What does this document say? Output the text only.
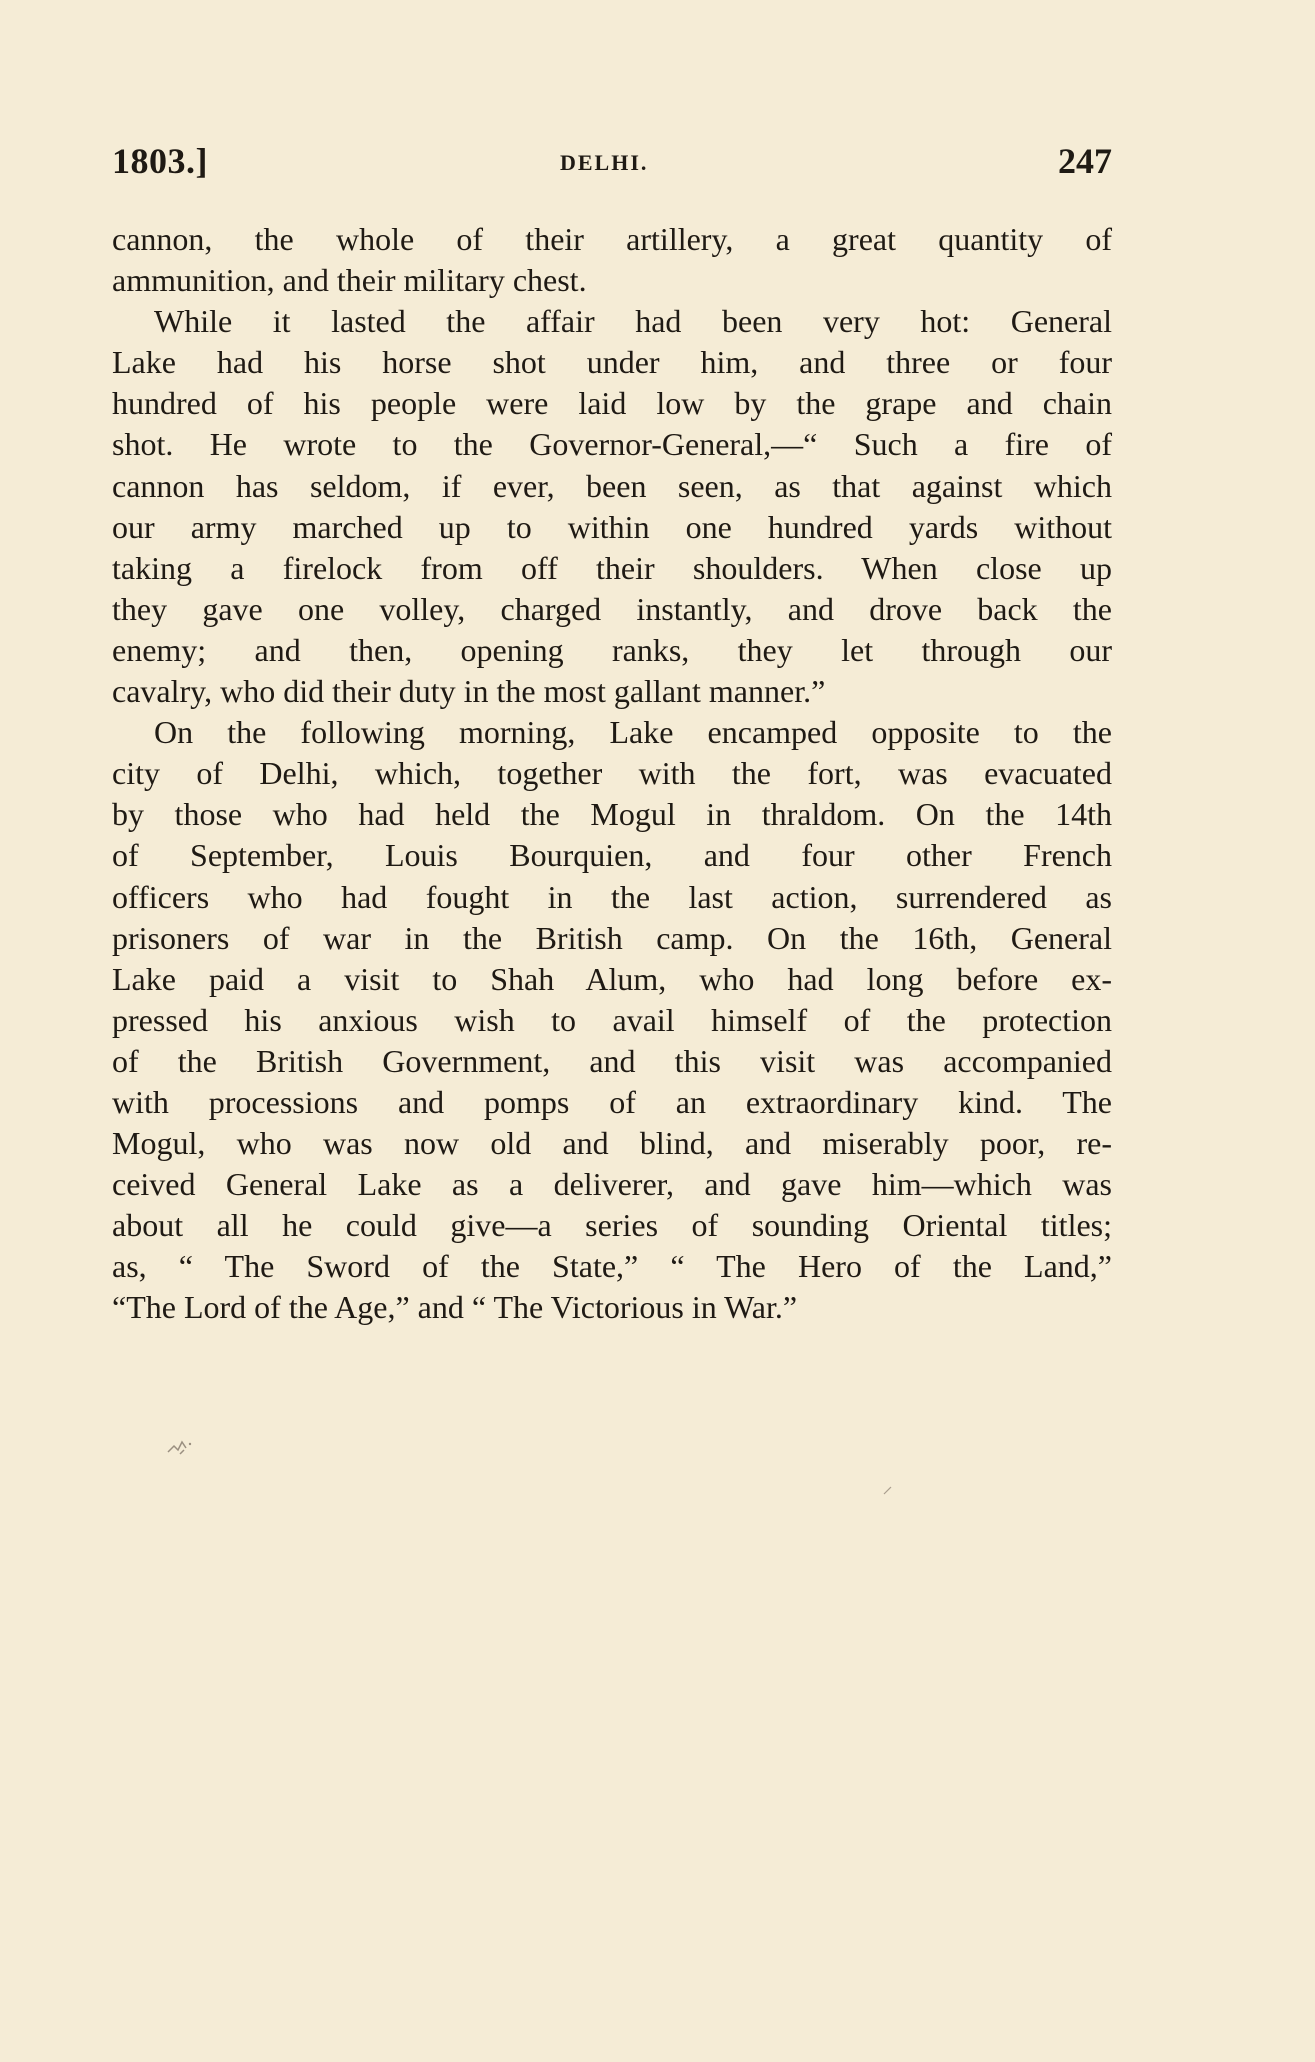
1803.]	DELHI.	247
cannon, the whole of their artillery, a great quantity of
ammunition, and their military chest.
While it lasted the affair had been very hot: General
Lake had his horse shot under him, and three or four
hundred of his people were laid low by the grape and chain
shot. He wrote to the Governor-General,—“ Such a fire of
cannon has seldom, if ever, been seen, as that against which
our army marched up to within one hundred yards without
taking a firelock from off their shoulders. When close up
they gave one volley, charged instantly, and drove back the
enemy; and then, opening ranks, they let through our
cavalry, who did their duty in the most gallant manner.”
On the following morning, Lake encamped opposite to the
city of Delhi, which, together with the fort, was evacuated
by those who had held the Mogul in thraldom. On the 14th
of September, Louis Bourquien, and four other French
officers who had fought in the last action, surrendered as
prisoners of war in the British camp. On the 16th, General
Lake paid a visit to Shah Alum, who had long before ex-
pressed his anxious wish to avail himself of the protection
of the British Government, and this visit was accompanied
with processions and pomps of an extraordinary kind. The
Mogul, who was now old and blind, and miserably poor, re-
ceived General Lake as a deliverer, and gave him—which was
about all he could give—a series of sounding Oriental titles;
as, “ The Sword of the State,” “ The Hero of the Land,”
“The Lord of the Age,” and “ The Victorious in War.”
